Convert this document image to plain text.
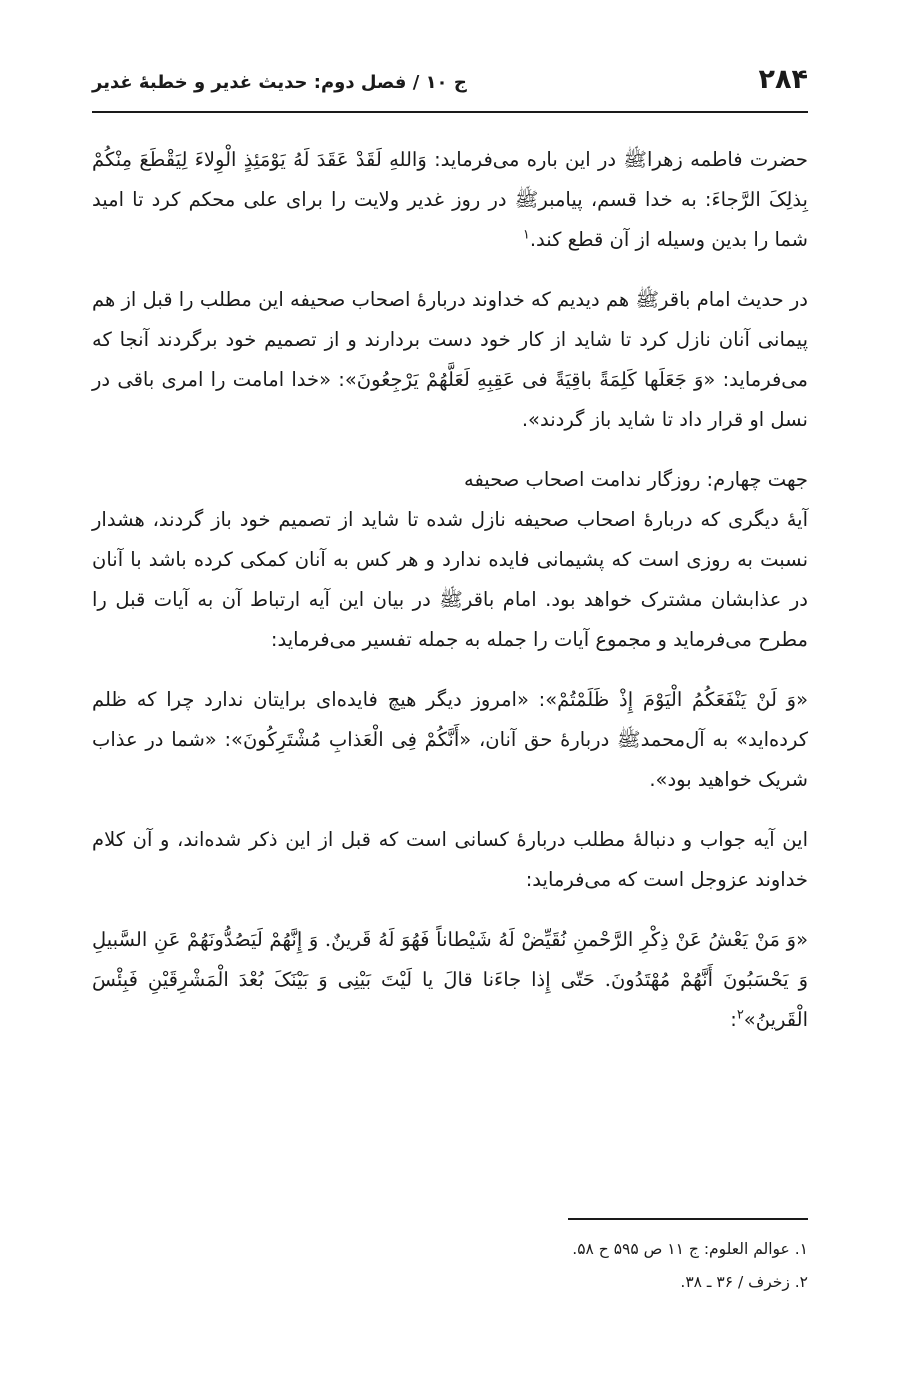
۲۸۴
ج ۱۰ / فصل دوم: حدیث غدیر و خطبهٔ غدیر

حضرت فاطمه زهراﷺ در این باره می‌فرماید: وَاللهِ لَقَدْ عَقَدَ لَهُ یَوْمَئِذٍ الْوِلاءَ لِیَقْطَعَ مِنْکُمْ بِذلِکَ الرَّجاءَ: به خدا قسم، پیامبرﷺ در روز غدیر ولایت را برای علی محکم کرد تا امید شما را بدین وسیله از آن قطع کند.$^۱$

در حدیث امام باقرﷺ هم دیدیم که خداوند دربارهٔ اصحاب صحیفه این مطلب را قبل از هم پیمانی آنان نازل کرد تا شاید از کار خود دست بردارند و از تصمیم خود برگردند آنجا که می‌فرماید: «وَ جَعَلَها کَلِمَةً باقِیَةً فی عَقِبِهِ لَعَلَّهُمْ یَرْجِعُونَ»: «خدا امامت را امری باقی در نسل او قرار داد تا شاید باز گردند».

جهت چهارم: روزگار ندامت اصحاب صحیفه

آیهٔ دیگری که دربارهٔ اصحاب صحیفه نازل شده تا شاید از تصمیم خود باز گردند، هشدار نسبت به روزی است که پشیمانی فایده ندارد و هر کس به آنان کمکی کرده باشد با آنان در عذابشان مشترک خواهد بود. امام باقرﷺ در بیان این آیه ارتباط آن به آیات قبل را مطرح می‌فرماید و مجموع آیات را جمله به جمله تفسیر می‌فرماید:

«وَ لَنْ یَنْفَعَکُمُ الْیَوْمَ إِذْ ظَلَمْتُمْ»: «امروز دیگر هیچ فایده‌ای برایتان ندارد چرا که ظلم کرده‌اید» به آل‌محمدﷺ دربارهٔ حق آنان، «أَنَّکُمْ فِی الْعَذابِ مُشْتَرِکُونَ»: «شما در عذاب شریک خواهید بود».

این آیه جواب و دنبالهٔ مطلب دربارهٔ کسانی است که قبل از این ذکر شده‌اند، و آن کلام خداوند عزوجل است که می‌فرماید:

«وَ مَنْ یَعْشُ عَنْ ذِکْرِ الرَّحْمنِ نُقَیِّضْ لَهُ شَیْطاناً فَهُوَ لَهُ قَرینٌ. وَ إِنَّهُمْ لَیَصُدُّونَهُمْ عَنِ السَّبیلِ وَ یَحْسَبُونَ أَنَّهُمْ مُهْتَدُونَ. حَتّی إِذا جاءَنا قالَ یا لَیْتَ بَیْنِی وَ بَیْنَکَ بُعْدَ الْمَشْرِقَیْنِ فَبِئْسَ الْقَرینُ»$^۲$:

۱. عوالم العلوم: ج ۱۱ ص ۵۹۵ ح ۵۸.

۲. زخرف / ۳۶ ـ ۳۸.
